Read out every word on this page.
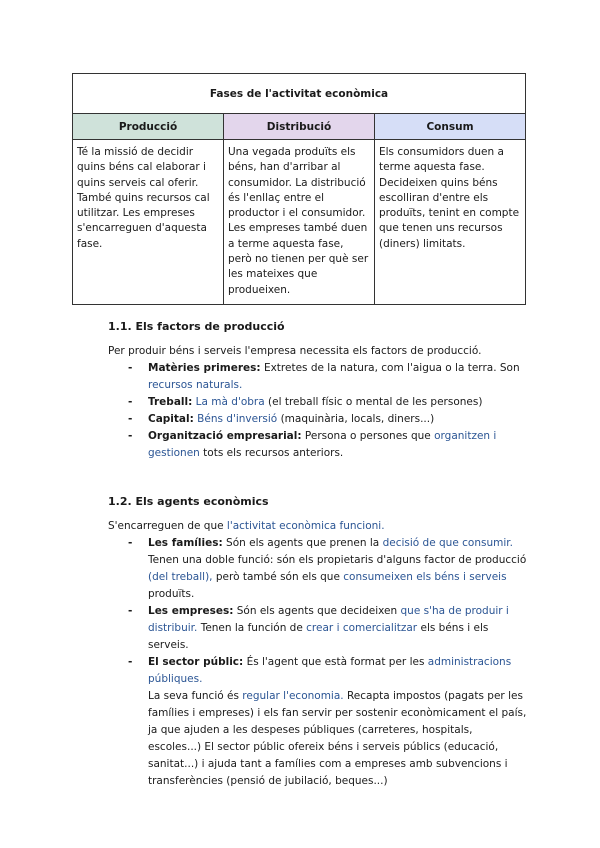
Fases de l'activitat econòmica		
Producció	Distribució	Consum
Té la missió de decidir quins béns cal elaborar i quins serveis cal oferir. També quins recursos cal utilitzar. Les empreses s'encarreguen d'aquesta fase.	Una vegada produïts els béns, han d'arribar al consumidor. La distribució és l'enllaç entre el productor i el consumidor. Les empreses també duen a terme aquesta fase, però no tienen per què ser les mateixes que produeixen.	Els consumidors duen a terme aquesta fase. Decideixen quins béns escolliran d'entre els produïts, tenint en compte que tenen uns recursos (diners) limitats.
1.1. Els factors de producció
Per produir béns i serveis l'empresa necessita els factors de producció.
- Matèries primeres: Extretes de la natura, com l'aigua o la terra. Son recursos naturals.
- Treball: La mà d'obra (el treball físic o mental de les persones)
- Capital: Béns d'inversió (maquinària, locals, diners...)
- Organització empresarial: Persona o persones que organitzen i gestionen tots els recursos anteriors.
1.2. Els agents econòmics
S'encarreguen de que l'activitat econòmica funcioni.
- Les famílies: Són els agents que prenen la decisió de que consumir. Tenen una doble funció: són els propietaris d'alguns factor de producció (del treball), però també són els que consumeixen els béns i serveis produïts.
- Les empreses: Són els agents que decideixen que s'ha de produir i distribuir. Tenen la función de crear i comercialitzar els béns i els serveis.
- El sector públic: És l'agent que està format per les administracions públiques.
La seva funció és regular l'economia. Recapta impostos (pagats per les famílies i empreses) i els fan servir per sostenir econòmicament el país, ja que ajuden a les despeses públiques (carreteres, hospitals, escoles...) El sector públic ofereix béns i serveis públics (educació, sanitat...) i ajuda tant a famílies com a empreses amb subvencions i transferències (pensió de jubilació, beques...)
